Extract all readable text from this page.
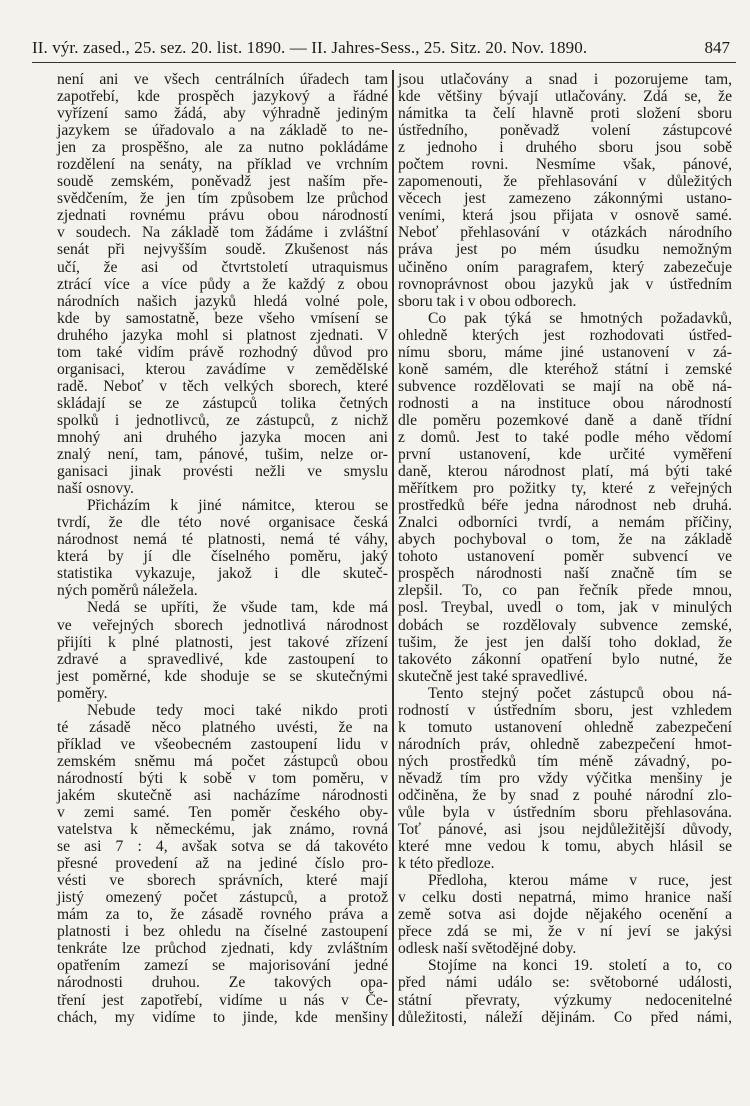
II. výr. zased., 25. sez. 20. list. 1890. — II. Jahres-Sess., 25. Sitz. 20. Nov. 1890.	847
není ani ve všech centrálních úřadech tam
zapotřebí, kde prospěch jazykový a řádné
vyřízení samo žádá, aby výhradně jediným
jazykem se úřadovalo a na základě to ne-
jen za prospěšno, ale za nutno pokládáme
rozdělení na senáty, na příklad ve vrchním
soudě zemském, poněvadž jest naším pře-
svědčením, že jen tím způsobem lze průchod
zjednati rovnému právu obou národností
v soudech. Na základě tom žádáme i zvláštní
senát při nejvyšším soudě. Zkušenost nás
učí, že asi od čtvrtstoletí utraquismus
ztrácí více a více půdy a že každý z obou
národních našich jazyků hledá volné pole,
kde by samostatně, beze všeho vmísení se
druhého jazyka mohl si platnost zjednati. V
tom také vidím právě rozhodný důvod pro
organisaci, kterou zavádíme v zemědělské
radě. Neboť v těch velkých sborech, které
skládají se ze zástupců tolika četných
spolků i jednotlivců, ze zástupců, z nichž
mnohý ani druhého jazyka mocen ani
znalý není, tam, pánové, tušim, nelze or-
ganisaci jinak provésti nežli ve smyslu
naší osnovy.
Přicházím k jiné námitce, kterou se
tvrdí, že dle této nové organisace česká
národnost nemá té platnosti, nemá té váhy,
která by jí dle číselného poměru, jaký
statistika vykazuje, jakož i dle skuteč-
ných poměrů náležela.
Nedá se upříti, že všude tam, kde má
ve veřejných sborech jednotlivá národnost
přijíti k plné platnosti, jest takové zřízení
zdravé a spravedlivé, kde zastoupení to
jest poměrné, kde shoduje se se skutečnými
poměry.
Nebude tedy moci také nikdo proti
té zásadě něco platného uvésti, že na
příklad ve všeobecném zastoupení lidu v
zemském sněmu má počet zástupců obou
národností býti k sobě v tom poměru, v
jakém skutečně asi nacházíme národnosti
v zemi samé. Ten poměr českého oby-
vatelstva k německému, jak známo, rovná
se asi 7 : 4, avšak sotva se dá takovéto
přesné provedení až na jediné číslo pro-
vésti ve sborech správních, které mají
jistý omezený počet zástupců, a protož
mám za to, že zásadě rovného práva a
platnosti i bez ohledu na číselné zastoupení
tenkráte lze průchod zjednati, kdy zvláštním
opatřením zamezí se majorisování jedné
národnosti druhou. Ze takových opa-
tření jest zapotřebí, vidíme u nás v Če-
chách, my vidíme to jinde, kde menšiny
jsou utlačovány a snad i pozorujeme tam,
kde většiny bývají utlačovány. Zdá se, že
námitka ta čelí hlavně proti složení sboru
ústředního, poněvadž volení zástupcové
z jednoho i druhého sboru jsou sobě
počtem rovni. Nesmíme však, pánové,
zapomenouti, že přehlasování v důležitých
věcech jest zamezeno zákonnými ustano-
veními, která jsou přijata v osnově samé.
Neboť přehlasování v otázkách národního
práva jest po mém úsudku nemožným
učiněno oním paragrafem, který zabezečuje
rovnoprávnost obou jazyků jak v ústředním
sboru tak i v obou odborech.
Co pak týká se hmotných požadavků,
ohledně kterých jest rozhodovati ústřed-
nímu sboru, máme jiné ustanovení v zá-
koně samém, dle kteréhož státní i zemské
subvence rozdělovati se mají na obě ná-
rodnosti a na instituce obou národností
dle poměru pozemkové daně a daně třídní
z domů. Jest to také podle mého vědomí
první ustanovení, kde určité vyměření
daně, kterou národnost platí, má býti také
měřítkem pro požitky ty, které z veřejných
prostředků béře jedna národnost neb druhá.
Znalci odborníci tvrdí, a nemám příčiny,
abych pochyboval o tom, že na základě
tohoto ustanovení poměr subvencí ve
prospěch národnosti naší značně tím se
zlepšil. To, co pan řečník přede mnou,
posl. Treybal, uvedl o tom, jak v minulých
dobách se rozdělovaly subvence zemské,
tušim, že jest jen další toho doklad, že
takovéto zákonní opatření bylo nutné, že
skutečně jest také spravedlivé.
Tento stejný počet zástupců obou ná-
rodností v ústředním sboru, jest vzhledem
k tomuto ustanovení ohledně zabezpečení
národních práv, ohledně zabezpečení hmot-
ných prostředků tím méně závadný, po-
něvadž tím pro vždy výčitka menšiny je
odčiněna, že by snad z pouhé národní zlo-
vůle byla v ústředním sboru přehlasována.
Toť pánové, asi jsou nejdůležitější důvody,
které mne vedou k tomu, abych hlásil se
k této předloze.
Předloha, kterou máme v ruce, jest
v celku dosti nepatrná, mimo hranice naší
země sotva asi dojde nějakého ocenění a
přece zdá se mi, že v ní jeví se jakýsi
odlesk naší světodějné doby.
Stojíme na konci 19. století a to, co
před námi událo se: světoborné události,
státní převraty, výzkumy nedocenitelné
důležitosti, náleží dějinám. Co před námi,
